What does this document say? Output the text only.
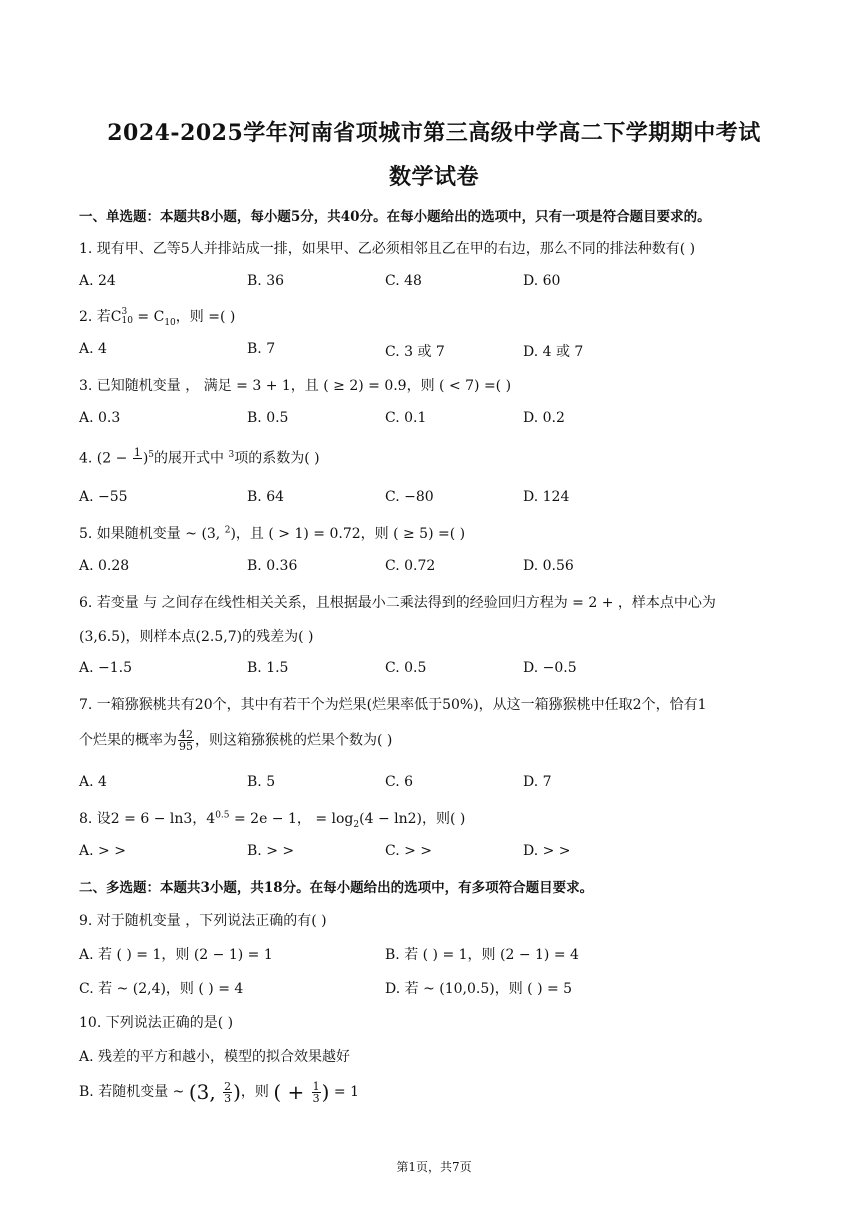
2024-2025学年河南省项城市第三高级中学高二下学期期中考试
数学试卷
一、单选题：本题共8小题，每小题5分，共40分。在每小题给出的选项中，只有一项是符合题目要求的。
1. 现有甲、乙等5人并排站成一排，如果甲、乙必须相邻且乙在甲的右边，那么不同的排法种数有( )
A. 24	B. 36	C. 48	D. 60
2. 若C 3
$10 = C_{10}$，则 =( )
A. 4	B. 7	C. 3 或 7	D. 4 或 7
3. 已知随机变量 ， 满足 = 3 + 1，且 ( ≥ 2) = 0.9，则 ( < 7) =( )
A. 0.3	B. 0.5	C. 0.1	D. 0.2
4. (2 − 1
)$^5$的展开式中 $^3$项的系数为( )
A. −55	B. 64	C. −80	D. 124
5. 如果随机变量 ~ (3, $^2$)，且 ( > 1) = 0.72，则 ( ≥ 5) =( )
A. 0.28	B. 0.36	C. 0.72	D. 0.56
6. 若变量 与 之间存在线性相关关系，且根据最小二乘法得到的经验回归方程为 = 2 + ，样本点中心为
(3,6.5)，则样本点(2.5,7)的残差为( )
A. −1.5	B. 1.5	C. 0.5	D. −0.5
7. 一箱猕猴桃共有20个，其中有若干个为烂果(烂果率低于50%)，从这一箱猕猴桃中任取2个，恰有1
个烂果的概率为 $\frac{42}{95}$ ，则这箱猕猴桃的烂果个数为( )
A. 4	B. 5	C. 6	D. 7
8. 设2 = 6 − ln3，$4^{0.5} = 2e - 1$， = $\log_2(4 - \ln 2)$，则( )
A. > >	B. > >	C. > >	D. > >
二、多选题：本题共3小题，共18分。在每小题给出的选项中，有多项符合题目要求。
9. 对于随机变量 ，下列说法正确的有( )
A. 若 ( ) = 1，则 (2 − 1) = 1	B. 若 ( ) = 1，则 (2 − 1) = 4
C. 若 ~ (2,4)，则 ( ) = 4	D. 若 ~ (10,0.5)，则 ( ) = 5
10. 下列说法正确的是( )
A. 残差的平方和越小，模型的拟合效果越好
B. 若随机变量 ~ (3, $\frac{2}{3}$ )，则 ( + $\frac{1}{3}$ ) = 1
第1页，共7页
